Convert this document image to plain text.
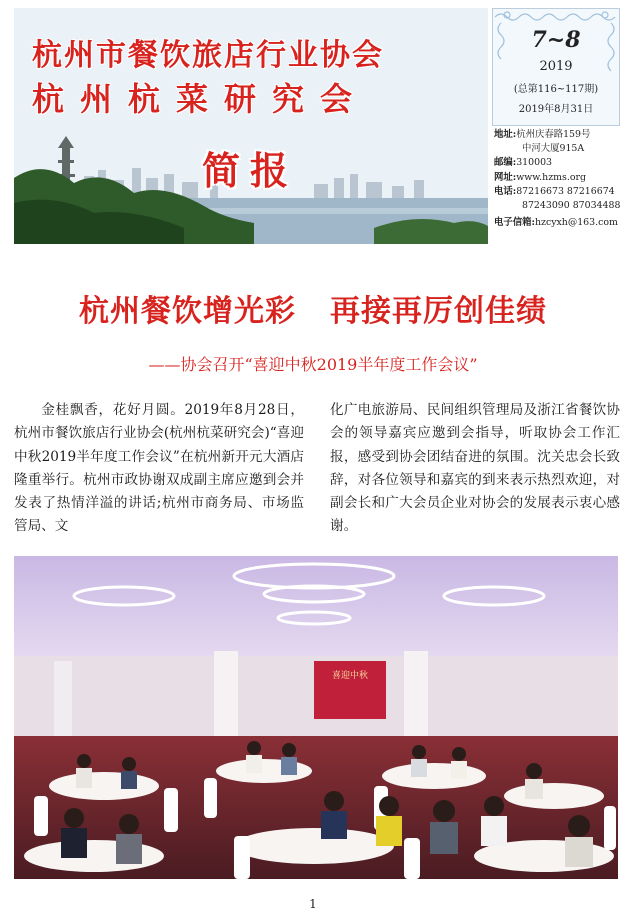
杭州市餐饮旅店行业协会
杭州杭菜研究会
简报
7~8
2019
(总第116~117期)
2019年8月31日
地址:杭州庆春路159号
中河大厦915A
邮编:310003
网址:www.hzms.org
电话:87216673 87216674
87243090 87034488
电子信箱:hzcyxh@163.com
杭州餐饮增光彩 再接再厉创佳绩
——协会召开“喜迎中秋2019半年度工作会议”
金桂飘香，花好月圆。2019年8月28日，杭州市餐饮旅店行业协会(杭州杭菜研究会)“喜迎中秋2019半年度工作会议”在杭州新开元大酒店隆重举行。杭州市政协谢双成副主席应邀到会并发表了热情洋溢的讲话;杭州市商务局、市场监管局、文
化广电旅游局、民间组织管理局及浙江省餐饮协会的领导嘉宾应邀到会指导，听取协会工作汇报，感受到协会团结奋进的氛围。沈关忠会长致辞，对各位领导和嘉宾的到来表示热烈欢迎，对副会长和广大会员企业对协会的发展表示衷心感谢。
喜迎中秋
1
